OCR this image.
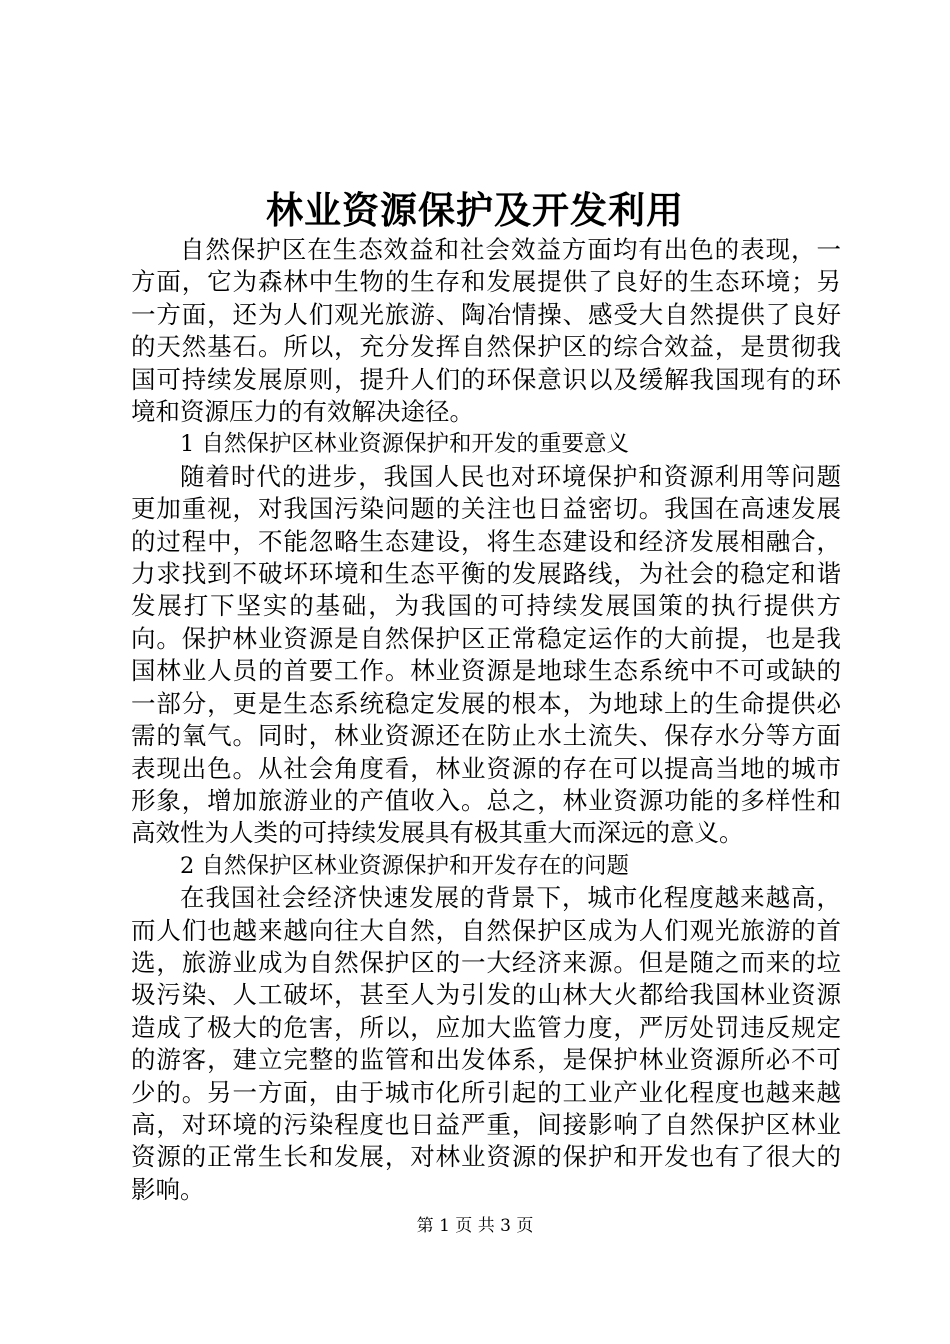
林业资源保护及开发利用

自然保护区在生态效益和社会效益方面均有出色的表现，一方面，它为森林中生物的生存和发展提供了良好的生态环境；另一方面，还为人们观光旅游、陶冶情操、感受大自然提供了良好的天然基石。所以，充分发挥自然保护区的综合效益，是贯彻我国可持续发展原则，提升人们的环保意识以及缓解我国现有的环境和资源压力的有效解决途径。

1 自然保护区林业资源保护和开发的重要意义

随着时代的进步，我国人民也对环境保护和资源利用等问题更加重视，对我国污染问题的关注也日益密切。我国在高速发展的过程中，不能忽略生态建设，将生态建设和经济发展相融合，力求找到不破坏环境和生态平衡的发展路线，为社会的稳定和谐发展打下坚实的基础，为我国的可持续发展国策的执行提供方向。保护林业资源是自然保护区正常稳定运作的大前提，也是我国林业人员的首要工作。林业资源是地球生态系统中不可或缺的一部分，更是生态系统稳定发展的根本，为地球上的生命提供必需的氧气。同时，林业资源还在防止水土流失、保存水分等方面表现出色。从社会角度看，林业资源的存在可以提高当地的城市形象，增加旅游业的产值收入。总之，林业资源功能的多样性和高效性为人类的可持续发展具有极其重大而深远的意义。

2 自然保护区林业资源保护和开发存在的问题

在我国社会经济快速发展的背景下，城市化程度越来越高，而人们也越来越向往大自然，自然保护区成为人们观光旅游的首选，旅游业成为自然保护区的一大经济来源。但是随之而来的垃圾污染、人工破坏，甚至人为引发的山林大火都给我国林业资源造成了极大的危害，所以，应加大监管力度，严厉处罚违反规定的游客，建立完整的监管和出发体系，是保护林业资源所必不可少的。另一方面，由于城市化所引起的工业产业化程度也越来越高，对环境的污染程度也日益严重，间接影响了自然保护区林业资源的正常生长和发展，对林业资源的保护和开发也有了很大的影响。

第 1 页 共 3 页
